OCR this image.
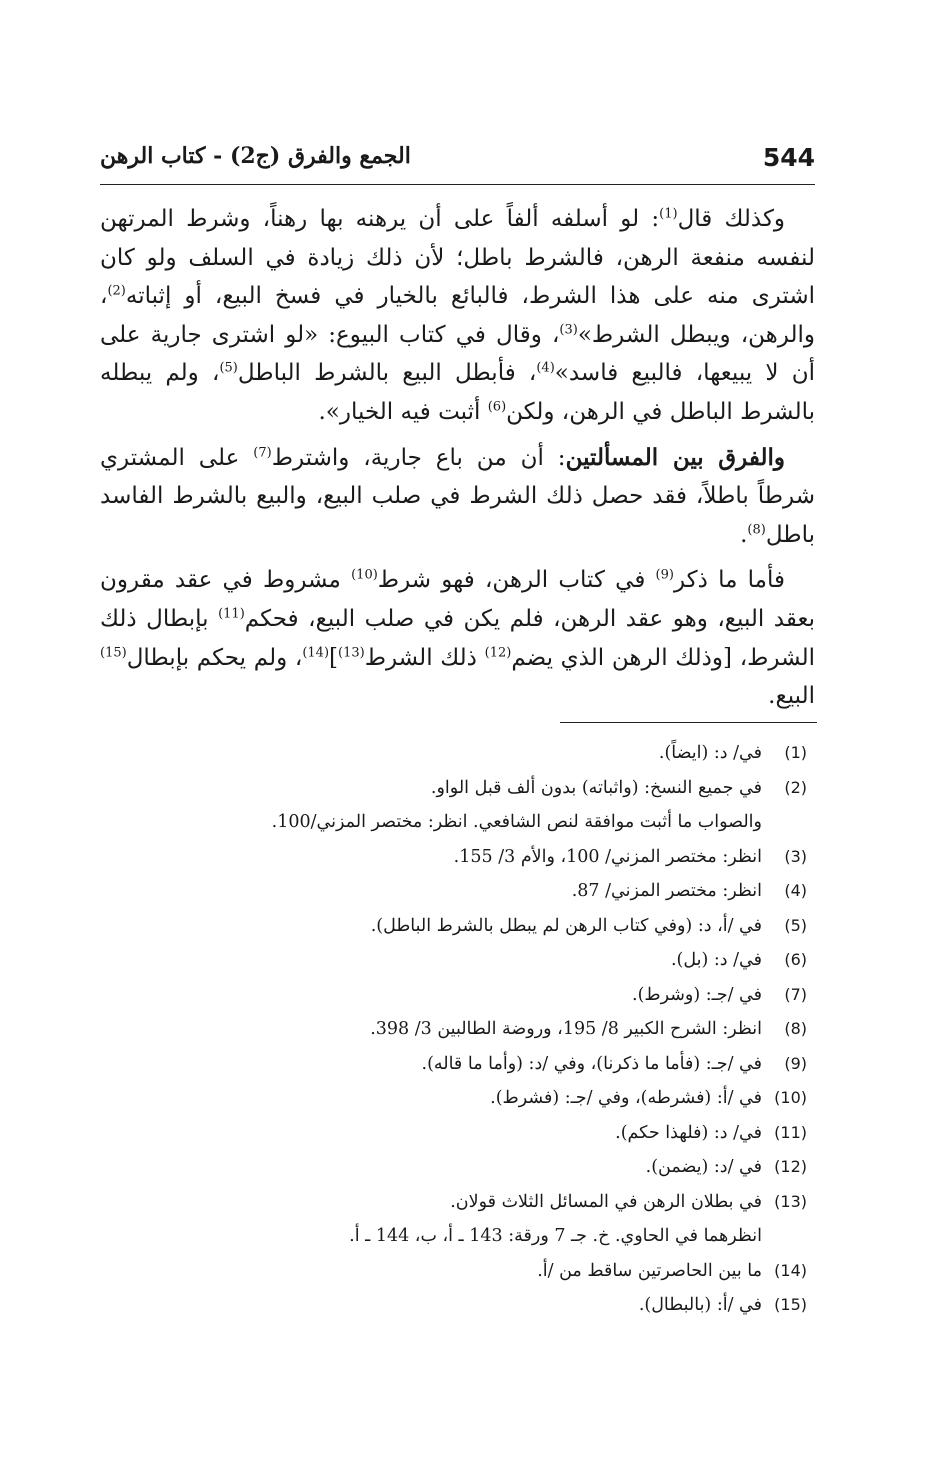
544
الجمع والفرق (ج2) - كتاب الرهن

وكذلك قال$^{(1)}$: لو أسلفه ألفاً على أن يرهنه بها رهناً، وشرط المرتهن لنفسه منفعة الرهن، فالشرط باطل؛ لأن ذلك زيادة في السلف ولو كان اشترى منه على هذا الشرط، فالبائع بالخيار في فسخ البيع، أو إثباته$^{(2)}$، والرهن، ويبطل الشرط»$^{(3)}$، وقال في كتاب البيوع: «لو اشترى جارية على أن لا يبيعها، فالبيع فاسد»$^{(4)}$، فأبطل البيع بالشرط الباطل$^{(5)}$، ولم يبطله بالشرط الباطل في الرهن، ولكن$^{(6)}$ أثبت فيه الخيار».

والفرق بين المسألتين: أن من باع جارية، واشترط$^{(7)}$ على المشتري شرطاً باطلاً، فقد حصل ذلك الشرط في صلب البيع، والبيع بالشرط الفاسد باطل$^{(8)}$.

فأما ما ذكر$^{(9)}$ في كتاب الرهن، فهو شرط$^{(10)}$ مشروط في عقد مقرون بعقد البيع، وهو عقد الرهن، فلم يكن في صلب البيع، فحكم$^{(11)}$ بإبطال ذلك الشرط، [وذلك الرهن الذي يضم$^{(12)}$ ذلك الشرط$^{(13)}$]$^{(14)}$، ولم يحكم بإبطال$^{(15)}$ البيع.

(1)
في/ د: (ايضاً).
(2)
في جميع النسخ: (واثباته) بدون ألف قبل الواو.
والصواب ما أثبت موافقة لنص الشافعي. انظر: مختصر المزني/100.
(3)
انظر: مختصر المزني/ 100، والأم 3/ 155.
(4)
انظر: مختصر المزني/ 87.
(5)
في /أ، د: (وفي كتاب الرهن لم يبطل بالشرط الباطل).
(6)
في/ د: (بل).
(7)
في /جـ: (وشرط).
(8)
انظر: الشرح الكبير 8/ 195، وروضة الطالبين 3/ 398.
(9)
في /جـ: (فأما ما ذكرنا)، وفي /د: (وأما ما قاله).
(10)
في /أ: (فشرطه)، وفي /جـ: (فشرط).
(11)
في/ د: (فلهذا حكم).
(12)
في /د: (يضمن).
(13)
في بطلان الرهن في المسائل الثلاث قولان.
انظرهما في الحاوي. خ. جـ 7 ورقة: 143 ـ أ، ب، 144 ـ أ.
(14)
ما بين الحاصرتين ساقط من /أ.
(15)
في /أ: (بالبطال).
